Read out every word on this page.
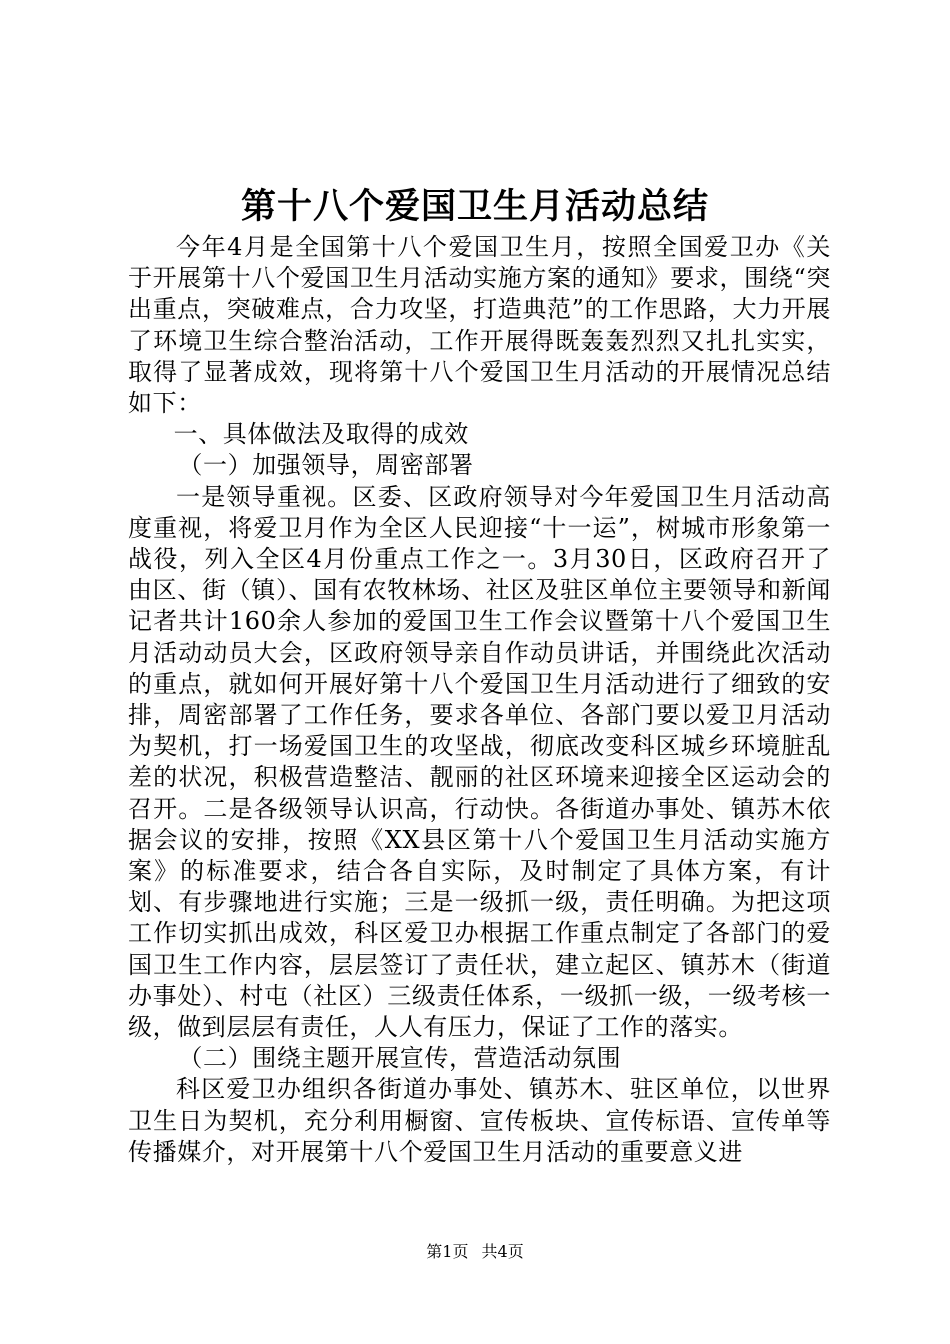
第十八个爱国卫生月活动总结

今年4月是全国第十八个爱国卫生月，按照全国爱卫办《关于开展第十八个爱国卫生月活动实施方案的通知》要求，围绕“突出重点，突破难点，合力攻坚，打造典范”的工作思路，大力开展了环境卫生综合整治活动，工作开展得既轰轰烈烈又扎扎实实，取得了显著成效，现将第十八个爱国卫生月活动的开展情况总结如下：

一、具体做法及取得的成效

（一）加强领导，周密部署

一是领导重视。区委、区政府领导对今年爱国卫生月活动高度重视，将爱卫月作为全区人民迎接“十一运”，树城市形象第一战役，列入全区4月份重点工作之一。3月30日，区政府召开了由区、街（镇）、国有农牧林场、社区及驻区单位主要领导和新闻记者共计160余人参加的爱国卫生工作会议暨第十八个爱国卫生月活动动员大会，区政府领导亲自作动员讲话，并围绕此次活动的重点，就如何开展好第十八个爱国卫生月活动进行了细致的安排，周密部署了工作任务，要求各单位、各部门要以爱卫月活动为契机，打一场爱国卫生的攻坚战，彻底改变科区城乡环境脏乱差的状况，积极营造整洁、靓丽的社区环境来迎接全区运动会的召开。二是各级领导认识高，行动快。各街道办事处、镇苏木依据会议的安排，按照《XX县区第十八个爱国卫生月活动实施方案》的标准要求，结合各自实际，及时制定了具体方案，有计划、有步骤地进行实施；三是一级抓一级，责任明确。为把这项工作切实抓出成效，科区爱卫办根据工作重点制定了各部门的爱国卫生工作内容，层层签订了责任状，建立起区、镇苏木（街道办事处）、村屯（社区）三级责任体系，一级抓一级，一级考核一级，做到层层有责任，人人有压力，保证了工作的落实。

（二）围绕主题开展宣传，营造活动氛围

科区爱卫办组织各街道办事处、镇苏木、驻区单位，以世界卫生日为契机，充分利用橱窗、宣传板块、宣传标语、宣传单等传播媒介，对开展第十八个爱国卫生月活动的重要意义进

第1页 共4页
